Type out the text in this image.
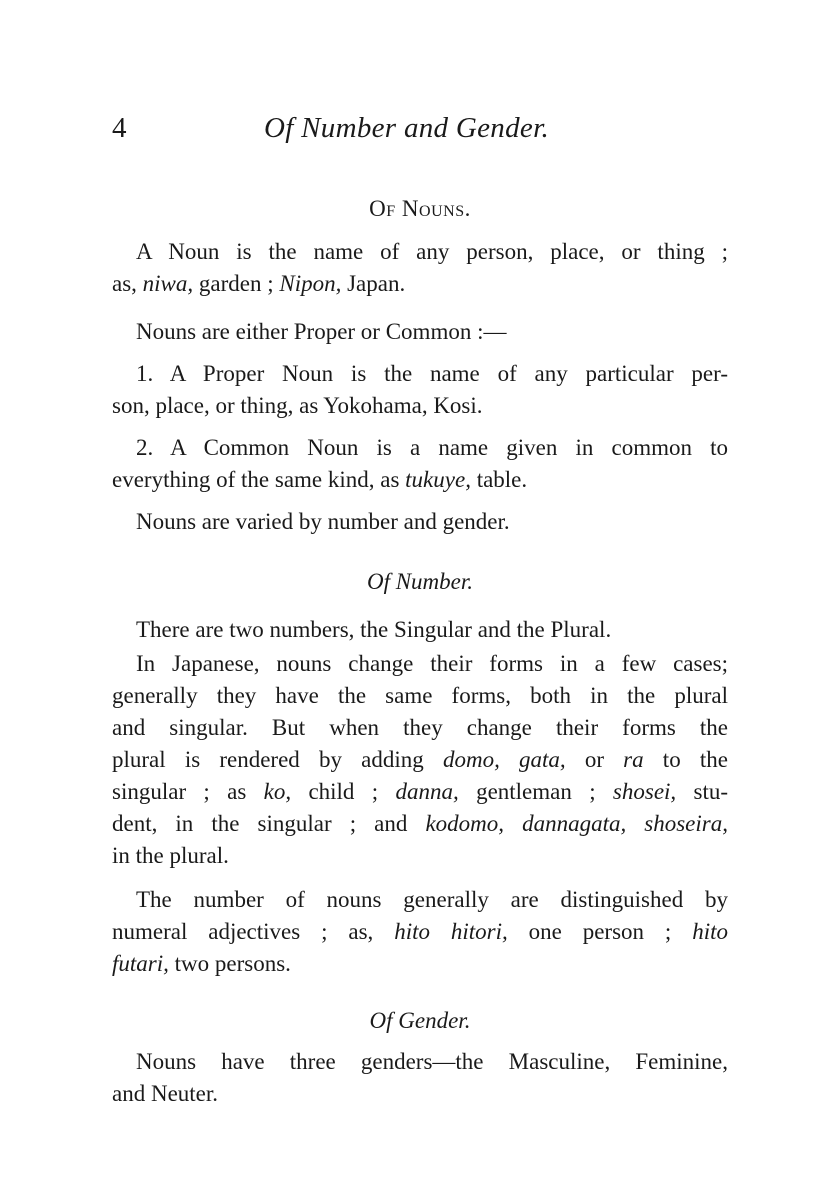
4	Of Number and Gender.
Of Nouns.
A Noun is the name of any person, place, or thing ;
as, niwa, garden ; Nipon, Japan.
Nouns are either Proper or Common :—
1. A Proper Noun is the name of any particular per-
son, place, or thing, as Yokohama, Kosi.
2. A Common Noun is a name given in common to
everything of the same kind, as tukuye, table.
Nouns are varied by number and gender.
Of Number.
There are two numbers, the Singular and the Plural.
In Japanese, nouns change their forms in a few cases;
generally they have the same forms, both in the plural
and singular. But when they change their forms the
plural is rendered by adding domo, gata, or ra to the
singular ; as ko, child ; danna, gentleman ; shosei, stu-
dent, in the singular ; and kodomo, dannagata, shoseira,
in the plural.
The number of nouns generally are distinguished by
numeral adjectives ; as, hito hitori, one person ; hito
futari, two persons.
Of Gender.
Nouns have three genders—the Masculine, Feminine,
and Neuter.
